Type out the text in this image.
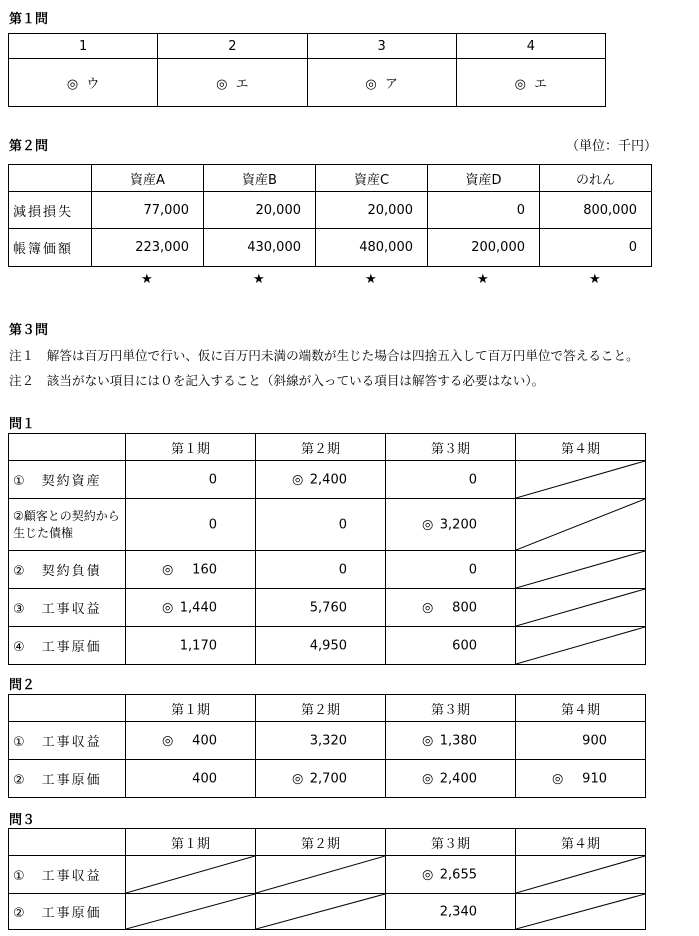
第１問
1	2	3	4
◎ ウ	◎ エ	◎ ア	◎ エ
第２問	（単位：千円）
	資産A	資産B	資産C	資産D	のれん
減損損失	77,000	20,000	20,000	0	800,000
帳簿価額	223,000	430,000	480,000	200,000	0
★	★	★	★	★
第３問
注１　解答は百万円単位で行い、仮に百万円未満の端数が生じた場合は四捨五入して百万円単位で答えること。
注２　該当がない項目には０を記入すること（斜線が入っている項目は解答する必要はない）。
問１
	第１期	第２期	第３期	第４期
①　契約資産	0	◎ 2,400	0

②顧客との契約から生じた債権	0	0	◎ 3,200

②　契約負債	◎ 160	0	0

③　工事収益	◎ 1,440	5,760	◎ 800

④　工事原価	1,170	4,950	600

問２
	第１期	第２期	第３期	第４期
①　工事収益	◎ 400	3,320	◎ 1,380	900

②　工事原価	400	◎ 2,700	◎ 2,400	◎ 910
問３
	第１期	第２期	第３期	第４期
①　工事収益			◎ 2,655

②　工事原価			2,340
